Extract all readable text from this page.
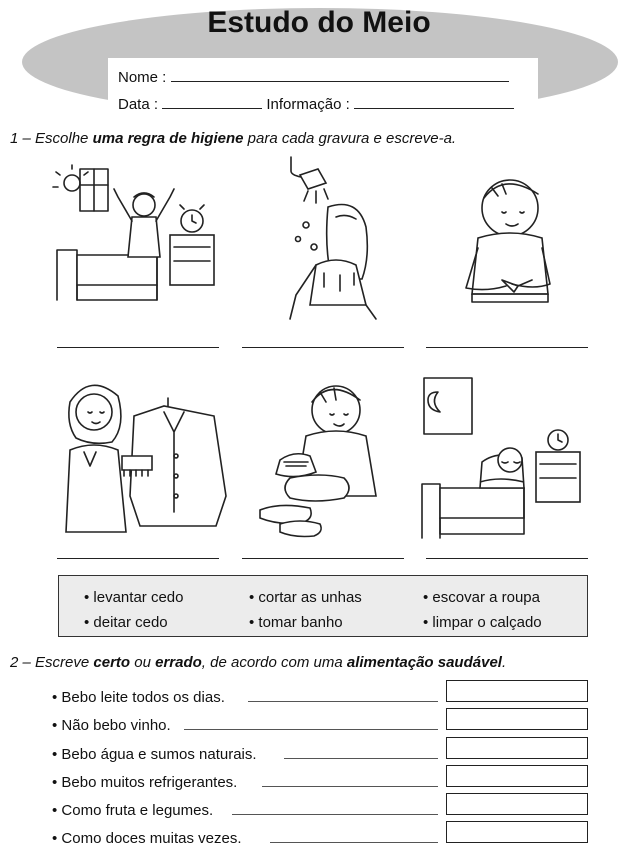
Estudo do Meio
Nome :
Data :	Informação :
1 – Escolhe uma regra de higiene para cada gravura e escreve-a.
• levantar cedo	• cortar as unhas	• escovar a roupa
• deitar cedo	• tomar banho	• limpar o calçado
2 – Escreve certo ou errado, de acordo com uma alimentação saudável.
• Bebo leite todos os dias.
• Não bebo vinho.
• Bebo água e sumos naturais.
• Bebo muitos refrigerantes.
• Como fruta e legumes.
• Como doces muitas vezes.
